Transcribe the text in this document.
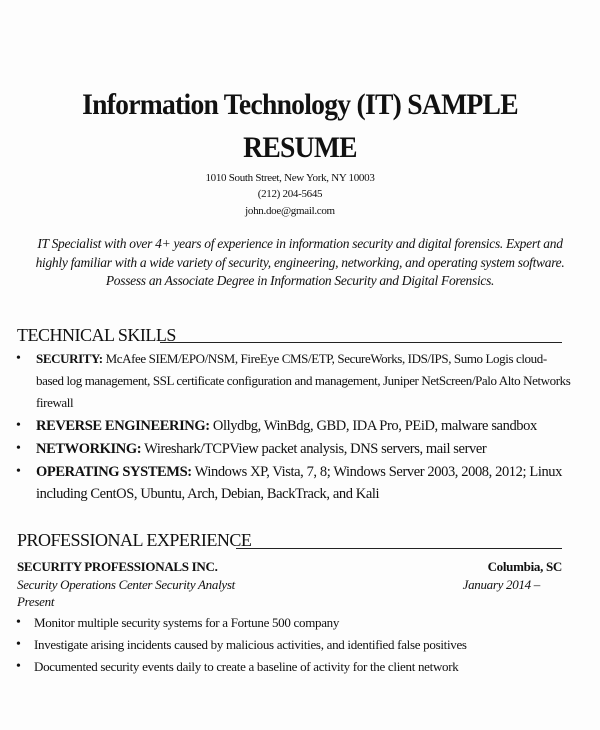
Information Technology (IT) SAMPLE
RESUME
1010 South Street, New York, NY 10003
(212) 204-5645
john.doe@gmail.com
IT Specialist with over 4+ years of experience in information security and digital forensics. Expert and highly familiar with a wide variety of security, engineering, networking, and operating system software. Possess an Associate Degree in Information Security and Digital Forensics.
TECHNICAL SKILLS
• SECURITY: McAfee SIEM/EPO/NSM, FireEye CMS/ETP, SecureWorks, IDS/IPS, Sumo Logis cloud-based log management, SSL certificate configuration and management, Juniper NetScreen/Palo Alto Networks firewall
• REVERSE ENGINEERING: Ollydbg, WinBdg, GBD, IDA Pro, PEiD, malware sandbox
• NETWORKING: Wireshark/TCPView packet analysis, DNS servers, mail server
• OPERATING SYSTEMS: Windows XP, Vista, 7, 8; Windows Server 2003, 2008, 2012; Linux including CentOS, Ubuntu, Arch, Debian, BackTrack, and Kali
PROFESSIONAL EXPERIENCE
SECURITY PROFESSIONALS INC.	Columbia, SC
Security Operations Center Security Analyst	January 2014 –
Present
• Monitor multiple security systems for a Fortune 500 company
• Investigate arising incidents caused by malicious activities, and identified false positives
• Documented security events daily to create a baseline of activity for the client network
